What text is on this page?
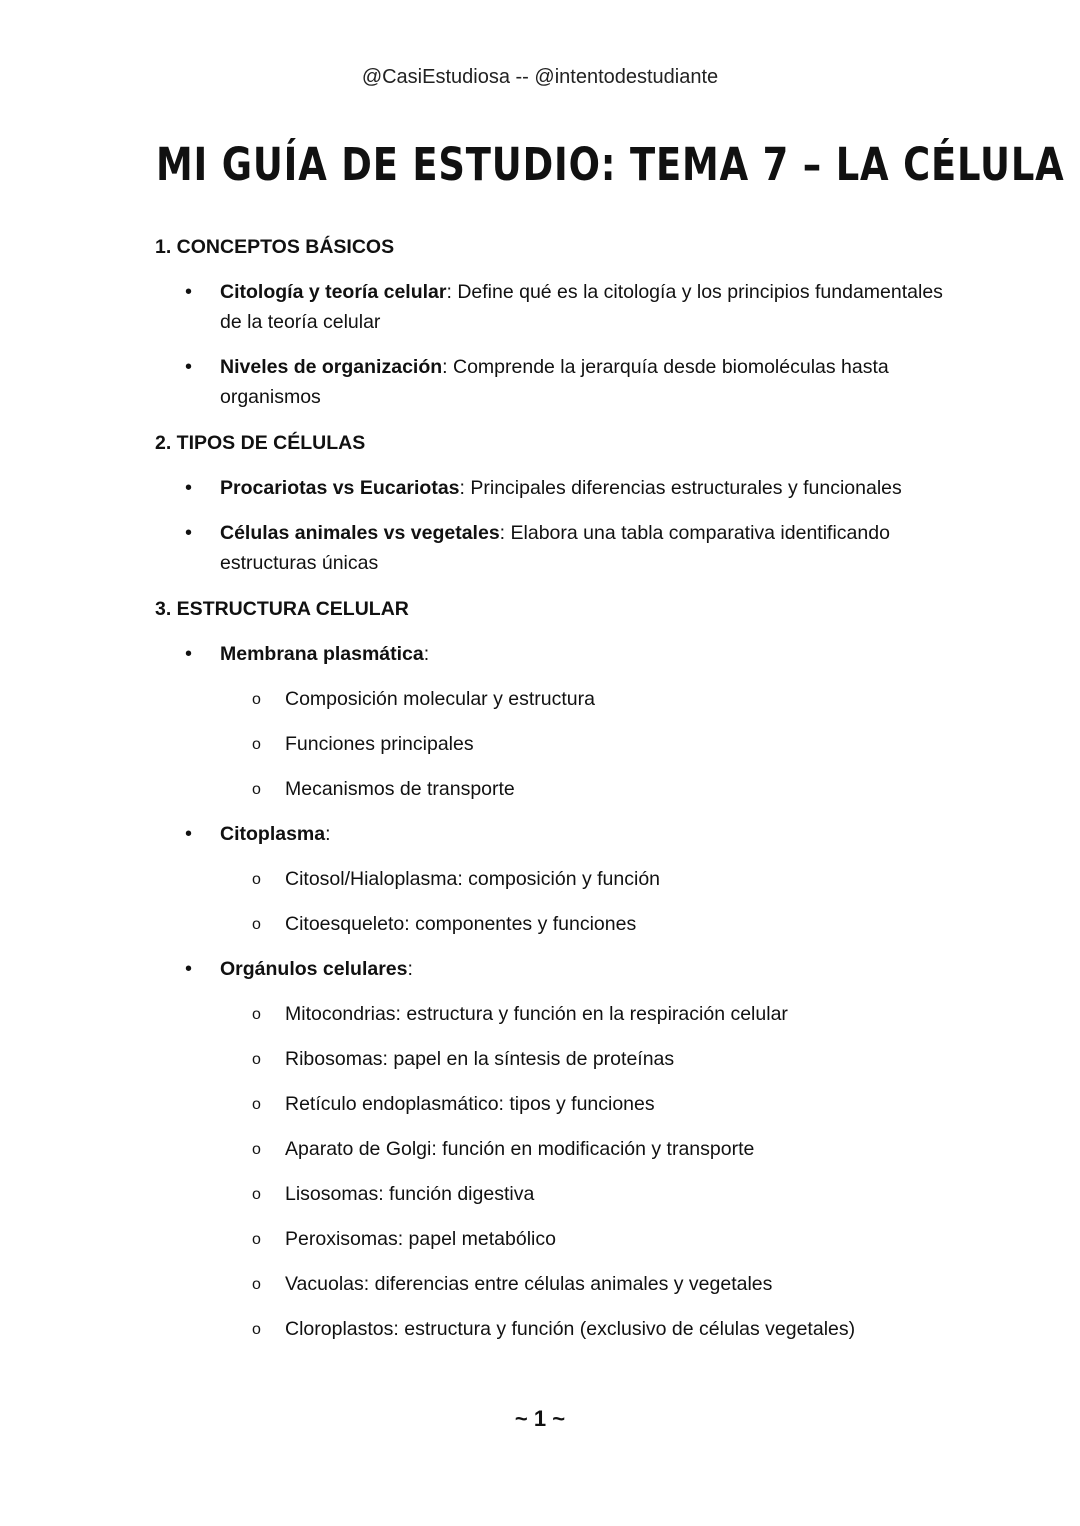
@CasiEstudiosa -- @intentodestudiante
MI GUÍA DE ESTUDIO: TEMA 7 – LA CÉLULA
1. CONCEPTOS BÁSICOS
• Citología y teoría celular: Define qué es la citología y los principios fundamentales de la teoría celular
• Niveles de organización: Comprende la jerarquía desde biomoléculas hasta organismos
2. TIPOS DE CÉLULAS
• Procariotas vs Eucariotas: Principales diferencias estructurales y funcionales
• Células animales vs vegetales: Elabora una tabla comparativa identificando estructuras únicas
3. ESTRUCTURA CELULAR
• Membrana plasmática:
o Composición molecular y estructura
o Funciones principales
o Mecanismos de transporte
• Citoplasma:
o Citosol/Hialoplasma: composición y función
o Citoesqueleto: componentes y funciones
• Orgánulos celulares:
o Mitocondrias: estructura y función en la respiración celular
o Ribosomas: papel en la síntesis de proteínas
o Retículo endoplasmático: tipos y funciones
o Aparato de Golgi: función en modificación y transporte
o Lisosomas: función digestiva
o Peroxisomas: papel metabólico
o Vacuolas: diferencias entre células animales y vegetales
o Cloroplastos: estructura y función (exclusivo de células vegetales)
~ 1 ~
